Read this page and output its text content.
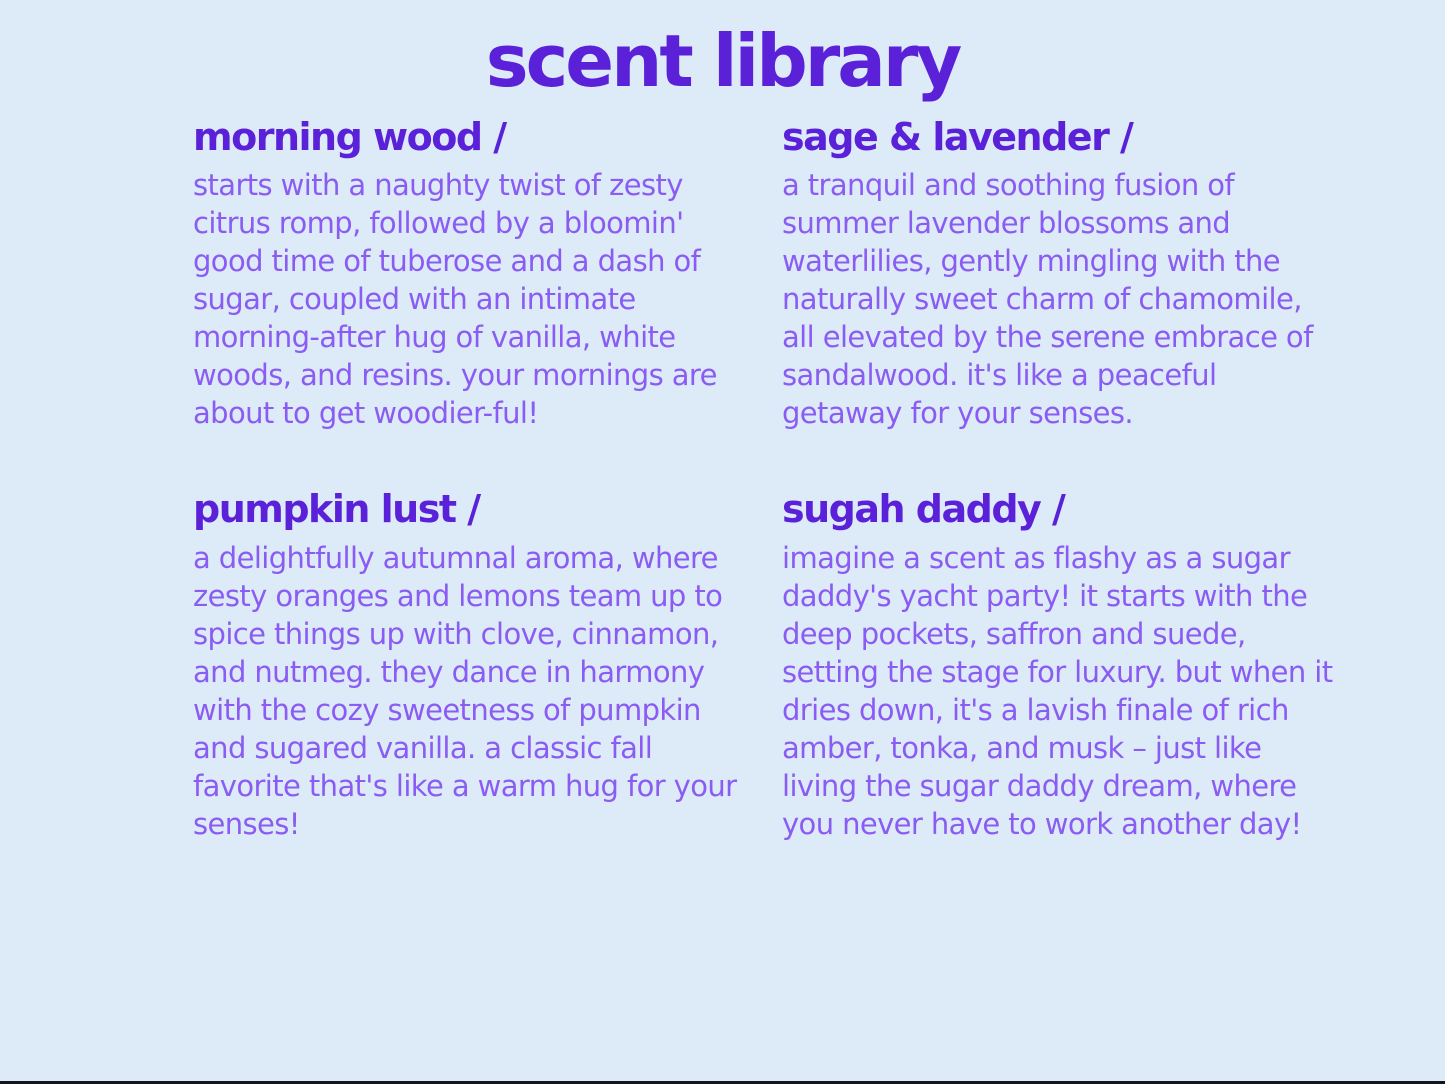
scent library
morning wood /

starts with a naughty twist of zesty citrus romp, followed by a bloomin' good time of tuberose and a dash of sugar, coupled with an intimate morning-after hug of vanilla, white woods, and resins. your mornings are about to get woodier-ful!

sage & lavender /

a tranquil and soothing fusion of summer lavender blossoms and waterlilies, gently mingling with the naturally sweet charm of chamomile, all elevated by the serene embrace of sandalwood. it's like a peaceful getaway for your senses.

pumpkin lust /

a delightfully autumnal aroma, where zesty oranges and lemons team up to spice things up with clove, cinnamon, and nutmeg. they dance in harmony with the cozy sweetness of pumpkin and sugared vanilla. a classic fall favorite that's like a warm hug for your senses!

sugah daddy /

imagine a scent as flashy as a sugar daddy's yacht party! it starts with the deep pockets, saffron and suede, setting the stage for luxury. but when it dries down, it's a lavish finale of rich amber, tonka, and musk – just like living the sugar daddy dream, where you never have to work another day!
